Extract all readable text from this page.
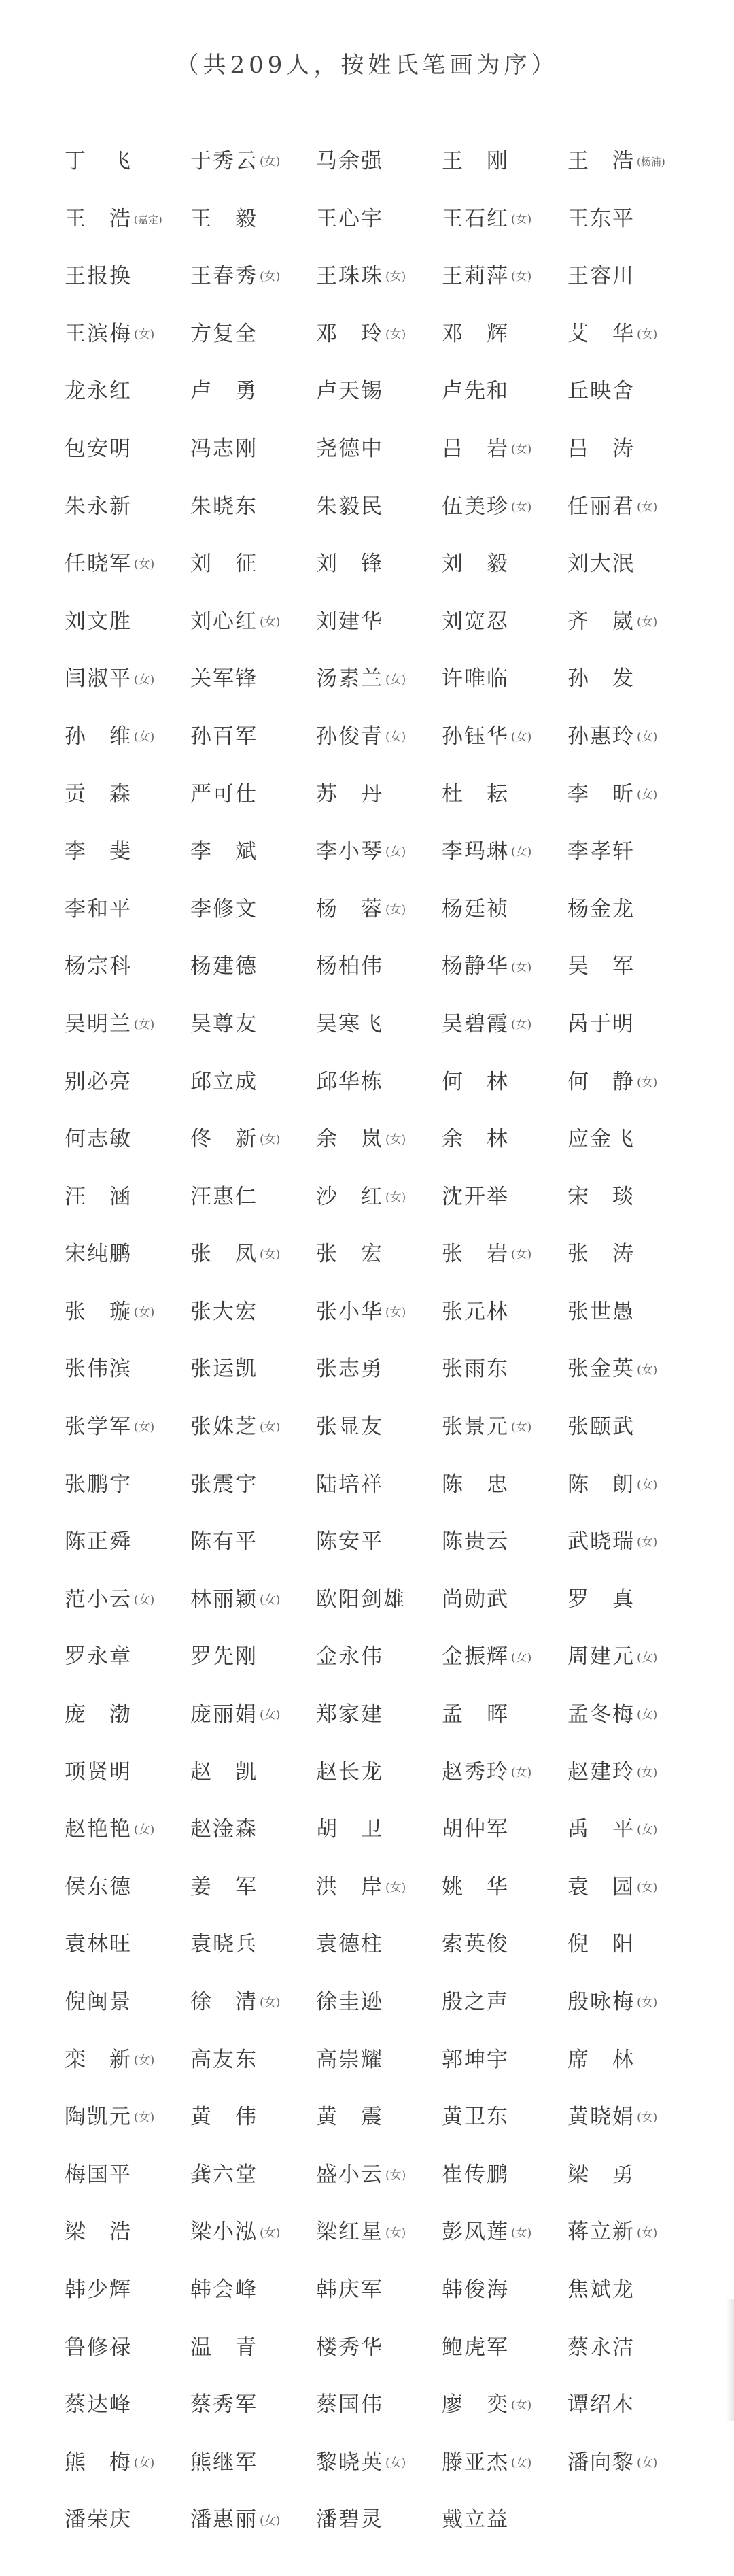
（共209人，按姓氏笔画为序）
丁　飞	于秀云 (女)	马余强	王　刚	王　浩 (杨浦)
王　浩 (嘉定)	王　毅	王心宇	王石红 (女)	王东平
王报换	王春秀 (女)	王珠珠 (女)	王莉萍 (女)	王容川
王滨梅 (女)	方复全	邓　玲 (女)	邓　辉	艾　华 (女)
龙永红	卢　勇	卢天锡	卢先和	丘映舍
包安明	冯志刚	尧德中	吕　岩 (女)	吕　涛
朱永新	朱晓东	朱毅民	伍美珍 (女)	任丽君 (女)
任晓军 (女)	刘　征	刘　锋	刘　毅	刘大泯
刘文胜	刘心红 (女)	刘建华	刘宽忍	齐　崴 (女)
闫淑平 (女)	关军锋	汤素兰 (女)	许唯临	孙　发
孙　维 (女)	孙百军	孙俊青 (女)	孙钰华 (女)	孙惠玲 (女)
贡　森	严可仕	苏　丹	杜　耘	李　昕 (女)
李　斐	李　斌	李小琴 (女)	李玛琳 (女)	李孝轩
李和平	李修文	杨　蓉 (女)	杨廷祯	杨金龙
杨宗科	杨建德	杨柏伟	杨静华 (女)	吴　军
吴明兰 (女)	吴尊友	吴寒飞	吴碧霞 (女)	呙于明
别必亮	邱立成	邱华栋	何　林	何　静 (女)
何志敏	佟　新 (女)	余　岚 (女)	余　林	应金飞
汪　涵	汪惠仁	沙　红 (女)	沈开举	宋　琰
宋纯鹏	张　凤 (女)	张　宏	张　岩 (女)	张　涛
张　璇 (女)	张大宏	张小华 (女)	张元林	张世愚
张伟滨	张运凯	张志勇	张雨东	张金英 (女)
张学军 (女)	张姝芝 (女)	张显友	张景元 (女)	张颐武
张鹏宇	张震宇	陆培祥	陈　忠	陈　朗 (女)
陈正舜	陈有平	陈安平	陈贵云	武晓瑞 (女)
范小云 (女)	林丽颖 (女)	欧阳剑雄	尚勋武	罗　真
罗永章	罗先刚	金永伟	金振辉 (女)	周建元 (女)
庞　渤	庞丽娟 (女)	郑家建	孟　晖	孟冬梅 (女)
项贤明	赵　凯	赵长龙	赵秀玲 (女)	赵建玲 (女)
赵艳艳 (女)	赵淦森	胡　卫	胡仲军	禹　平 (女)
侯东德	姜　军	洪　岸 (女)	姚　华	袁　园 (女)
袁林旺	袁晓兵	袁德柱	索英俊	倪　阳
倪闽景	徐　清 (女)	徐圭逊	殷之声	殷咏梅 (女)
栾　新 (女)	高友东	高崇耀	郭坤宇	席　林
陶凯元 (女)	黄　伟	黄　震	黄卫东	黄晓娟 (女)
梅国平	龚六堂	盛小云 (女)	崔传鹏	梁　勇
梁　浩	梁小泓 (女)	梁红星 (女)	彭凤莲 (女)	蒋立新 (女)
韩少辉	韩会峰	韩庆军	韩俊海	焦斌龙
鲁修禄	温　青	楼秀华	鲍虎军	蔡永洁
蔡达峰	蔡秀军	蔡国伟	廖　奕 (女)	谭绍木
熊　梅 (女)	熊继军	黎晓英 (女)	滕亚杰 (女)	潘向黎 (女)
潘荣庆	潘惠丽 (女)	潘碧灵	戴立益
